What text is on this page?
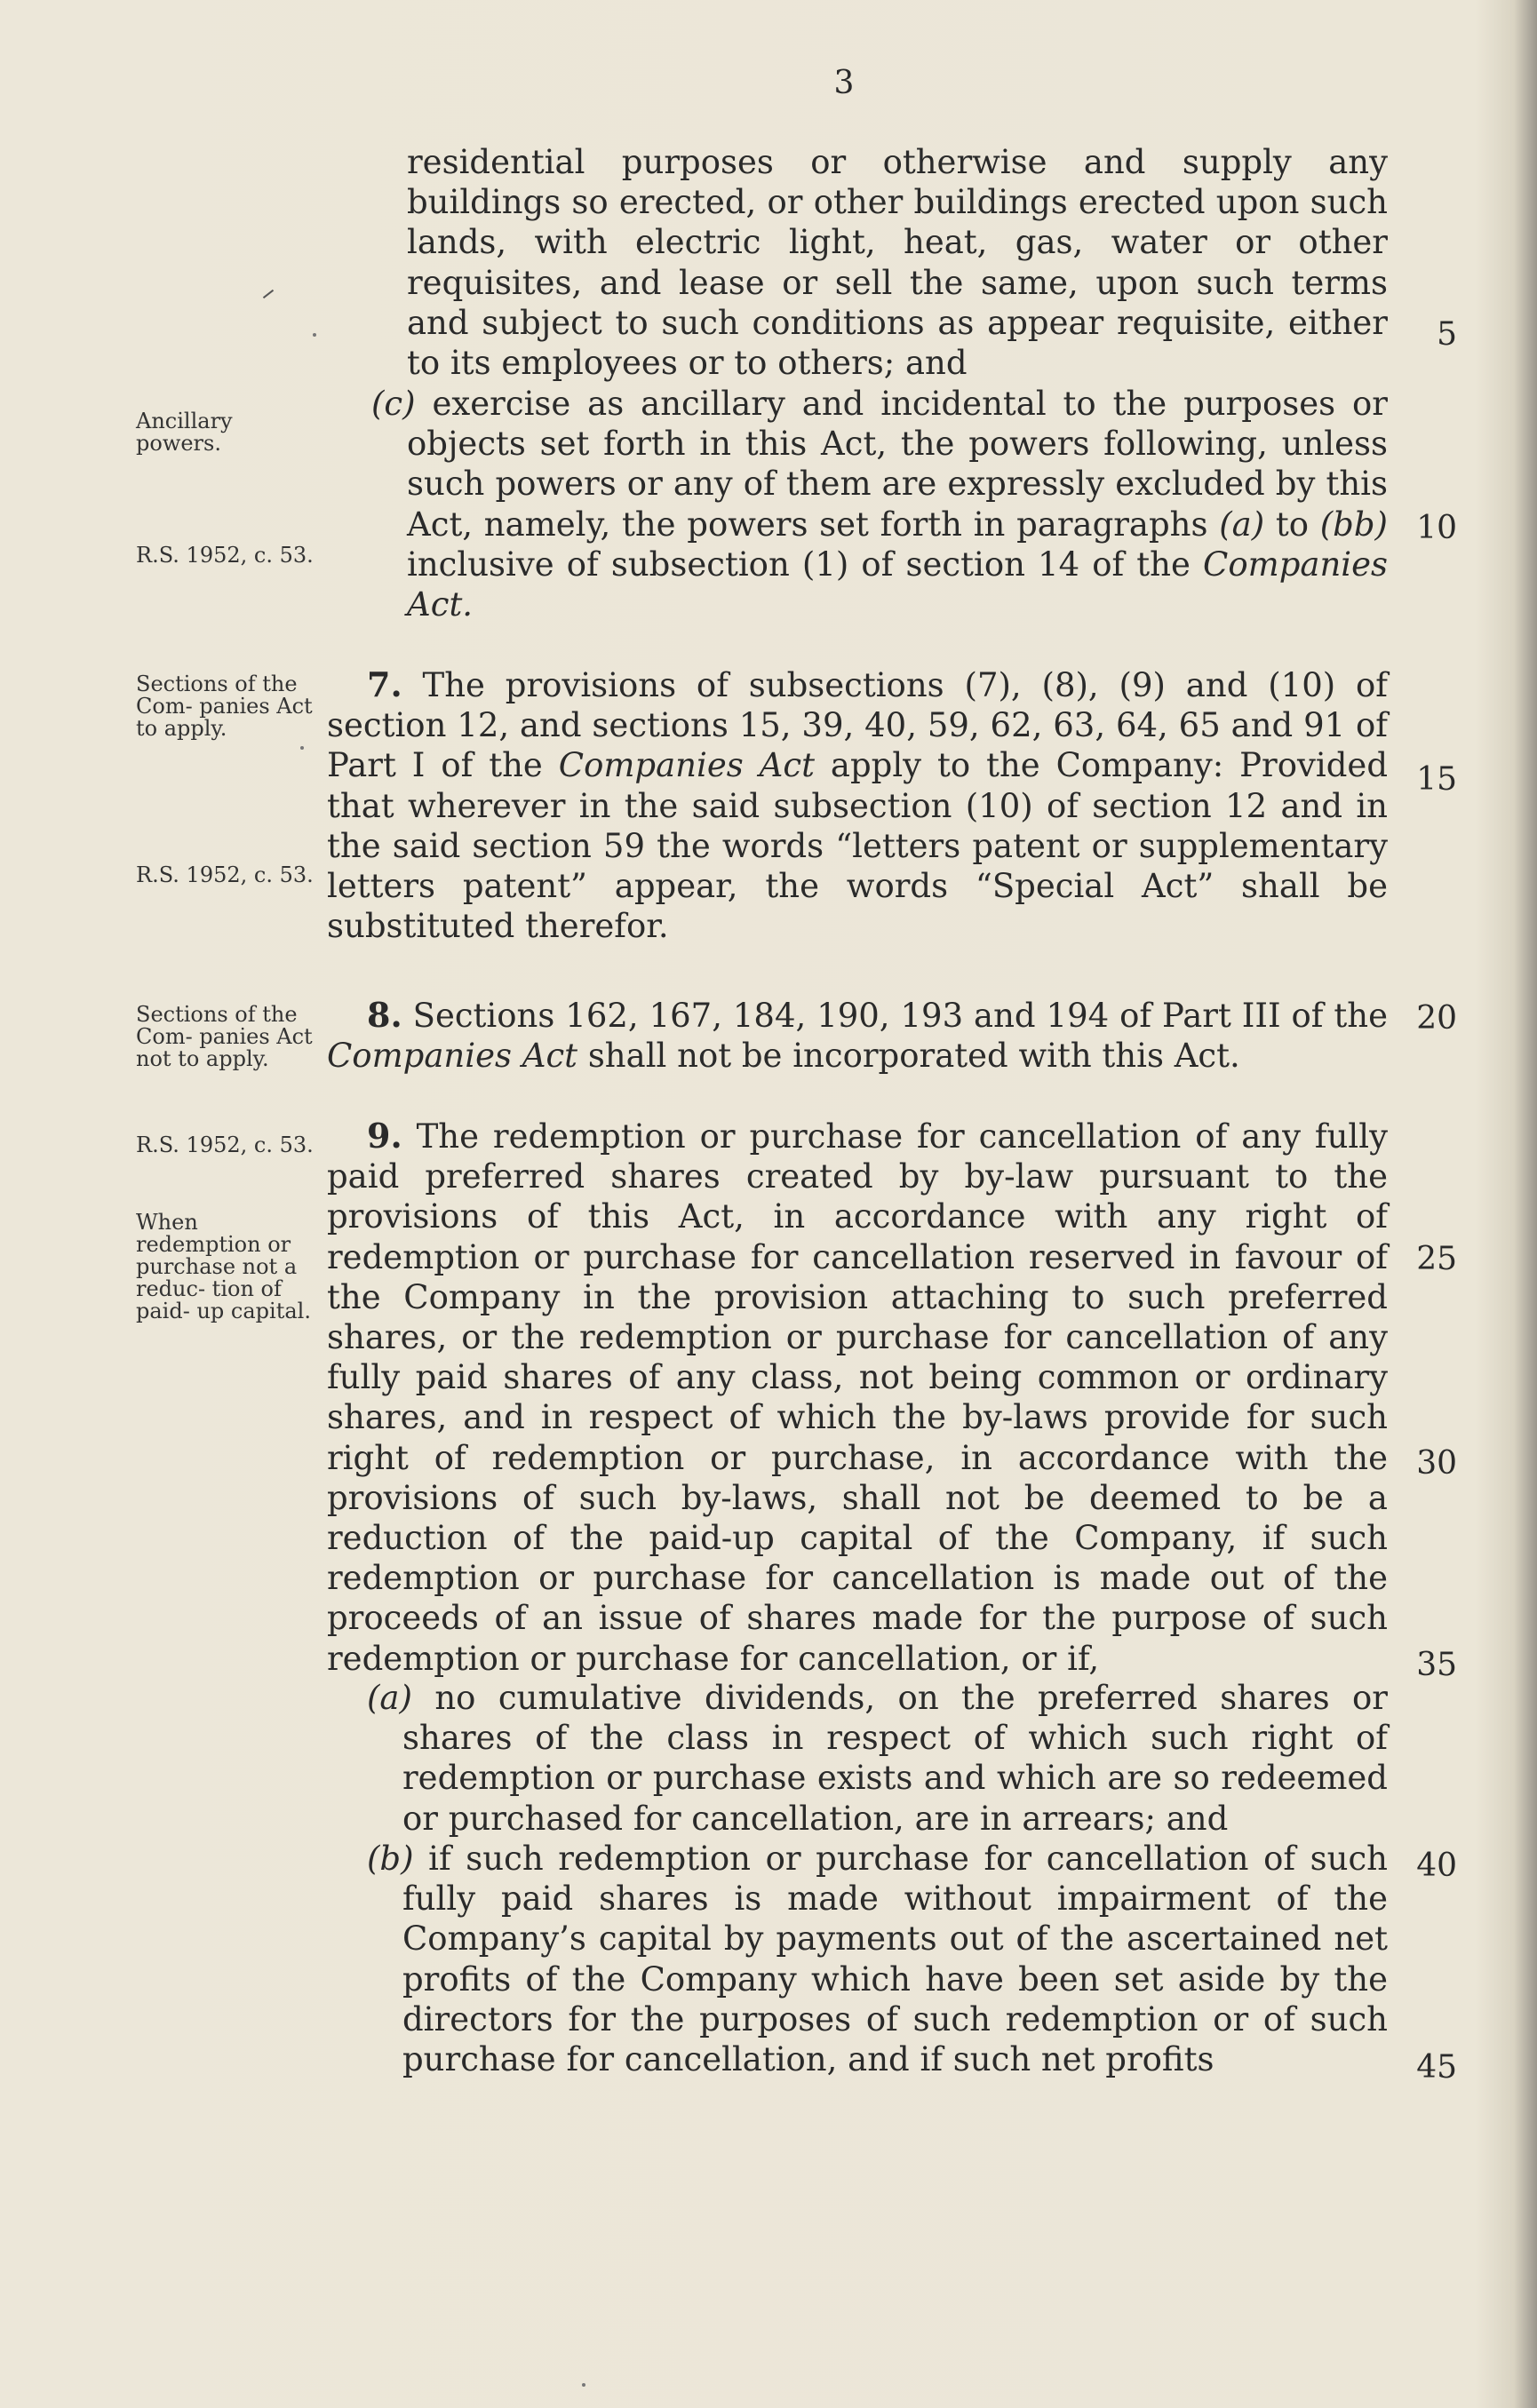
3
Ancillary powers.
R.S. 1952, c. 53.
Sections of the Com- panies Act to apply.
R.S. 1952, c. 53.
Sections of the Com- panies Act not to apply.
R.S. 1952, c. 53.
When redemption or purchase not a reduc- tion of paid- up capital.
5
10
15
20
25
30
35
40
45

residential purposes or otherwise and supply any buildings so erected, or other buildings erected upon such lands, with electric light, heat, gas, water or other requisites, and lease or sell the same, upon such terms and subject to such conditions as appear requisite, either to its employees or to others; and

(c) exercise as ancillary and incidental to the purposes or objects set forth in this Act, the powers following, unless such powers or any of them are expressly excluded by this Act, namely, the powers set forth in paragraphs (a) to (bb) inclusive of subsection (1) of section 14 of the Companies Act.

7. The provisions of subsections (7), (8), (9) and (10) of section 12, and sections 15, 39, 40, 59, 62, 63, 64, 65 and 91 of Part I of the Companies Act apply to the Company: Provided that wherever in the said subsection (10) of section 12 and in the said section 59 the words “letters patent or supplementary letters patent” appear, the words “Special Act” shall be substituted therefor.

8. Sections 162, 167, 184, 190, 193 and 194 of Part III of the Companies Act shall not be incorporated with this Act.

9. The redemption or purchase for cancellation of any fully paid preferred shares created by by-law pursuant to the provisions of this Act, in accordance with any right of redemption or purchase for cancellation reserved in favour of the Company in the provision attaching to such preferred shares, or the redemption or purchase for cancellation of any fully paid shares of any class, not being common or ordinary shares, and in respect of which the by-laws provide for such right of redemption or purchase, in accordance with the provisions of such by-laws, shall not be deemed to be a reduction of the paid-up capital of the Company, if such redemption or purchase for cancellation is made out of the proceeds of an issue of shares made for the purpose of such redemption or purchase for cancellation, or if,

(a) no cumulative dividends, on the preferred shares or shares of the class in respect of which such right of redemption or purchase exists and which are so redeemed or purchased for cancellation, are in arrears; and

(b) if such redemption or purchase for cancellation of such fully paid shares is made without impairment of the Company’s capital by payments out of the ascertained net profits of the Company which have been set aside by the directors for the purposes of such redemption or of such purchase for cancellation, and if such net profits
